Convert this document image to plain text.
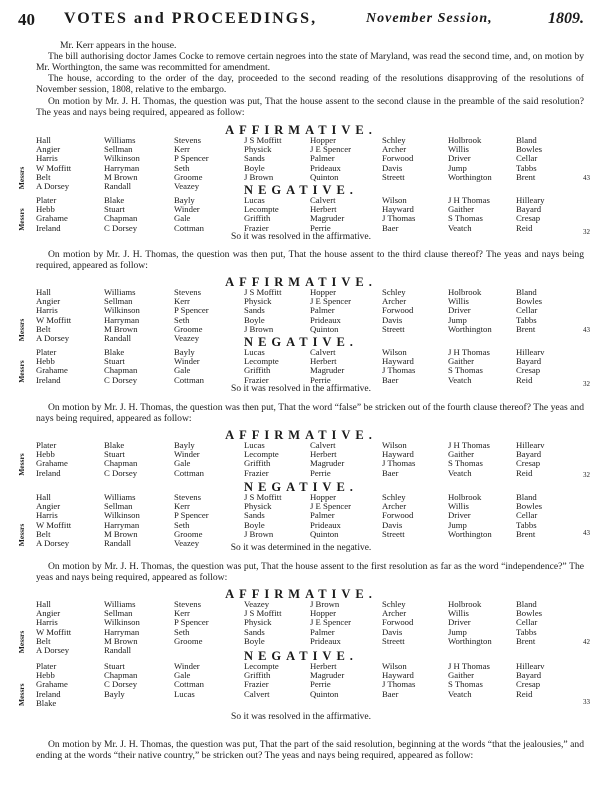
40 VOTES and PROCEEDINGS,	November Session,	1809.
Mr. Kerr appears in the house.
The bill authorising doctor James Cocke to remove certain negroes into the state of Maryland, was read the second time, and, on motion by Mr. Worthington, the same was recommitted for amendment.
The house, according to the order of the day, proceeded to the second reading of the resolutions disapproving of the resolutions of November session, 1808, relative to the embargo.
On motion by Mr. J. H. Thomas, the question was put, That the house assent to the second clause in the preamble of the said resolution? The yeas and nays being required, appeared as follow:
AFFIRMATIVE.
NEGATIVE.
Messrs
Hall
Angier
Harris
W Moffitt
Belt
A Dorsey
Williams
Sellman
Wilkinson
Harryman
M Brown
Randall
Stevens
Kerr
P Spencer
Seth
Groome
Veazey
J S Moffitt
Physick
Sands
Boyle
J Brown
Hopper
J E Spencer
Palmer
Prideaux
Quinton
Schley
Archer
Forwood
Davis
Streett
Holbrook
Willis
Driver
Jump
Worthington
Bland
Bowles
Cellar
Tabbs
Brent
Messrs
Plater
Hebb
Grahame
Ireland
Blake
Stuart
Chapman
C Dorsey
Bayly
Winder
Gale
Cottman
Lucas
Lecompte
Griffith
Frazier
Calvert
Herbert
Magruder
Perrie
Wilson
Hayward
J Thomas
Baer
J H Thomas
Gaither
S Thomas
Veatch
Hilleary
Bayard
Cresap
Reid
43
32
So it was resolved in the affirmative.
On motion by Mr. J. H. Thomas, the question was then put, That the house assent to the third clause thereof? The yeas and nays being required, appeared as follow:
AFFIRMATIVE.
NEGATIVE.
Messrs
Hall
Angier
Harris
W Moffitt
Belt
A Dorsey
Williams
Sellman
Wilkinson
Harryman
M Brown
Randall
Stevens
Kerr
P Spencer
Seth
Groome
Veazey
J S Moffitt
Physick
Sands
Boyle
J Brown
Hopper
J E Spencer
Palmer
Prideaux
Quinton
Schley
Archer
Forwood
Davis
Streett
Holbrook
Willis
Driver
Jump
Worthington
Bland
Bowles
Cellar
Tabbs
Brent
Messrs
Plater
Hebb
Grahame
Ireland
Blake
Stuart
Chapman
C Dorsey
Bayly
Winder
Gale
Cottman
Lucas
Lecompte
Griffith
Frazier
Calvert
Herbert
Magruder
Perrie
Wilson
Hayward
J Thomas
Baer
J H Thomas
Gaither
S Thomas
Veatch
Hillearv
Bayard
Cresap
Reid
43
32
So it was resolved in the affirmative.
On motion by Mr. J. H. Thomas, the question was then put, That the word “false” be stricken out of the fourth clause thereof? The yeas and nays being required, appeared as follow:
AFFIRMATIVE.
NEGATIVE.
Messrs
Plater
Hebb
Grahame
Ireland
Blake
Stuart
Chapman
C Dorsey
Bayly
Winder
Gale
Cottman
Lucas
Lecompte
Griffith
Frazier
Calvert
Herbert
Magruder
Perrie
Wilson
Hayward
J Thomas
Baer
J H Thomas
Gaither
S Thomas
Veatch
Hillearv
Bayard
Cresap
Reid
Messrs
Hall
Angier
Harris
W Moffitt
Belt
A Dorsey
Williams
Sellman
Wilkinson
Harryman
M Brown
Randall
Stevens
Kerr
P Spencer
Seth
Groome
Veazey
J S Moffitt
Physick
Sands
Boyle
J Brown
Hopper
J E Spencer
Palmer
Prideaux
Quinton
Schley
Archer
Forwood
Davis
Streett
Holbrook
Willis
Driver
Jump
Worthington
Bland
Bowles
Cellar
Tabbs
Brent
32
43
So it was determined in the negative.
On motion by Mr. J. H. Thomas, the question was put, That the house assent to the first resolution as far as the word “independence?” The yeas and nays being required, appeared as follow:
AFFIRMATIVE.
NEGATIVE.
Messrs
Hall
Angier
Harris
W Moffitt
Belt
A Dorsey
Williams
Sellman
Wilkinson
Harryman
M Brown
Randall
Stevens
Kerr
P Spencer
Seth
Groome
Veazey
J S Moffitt
Physick
Sands
Boyle
J Brown
Hopper
J E Spencer
Palmer
Prideaux
Schley
Archer
Forwood
Davis
Streett
Holbrook
Willis
Driver
Jump
Worthington
Bland
Bowles
Cellar
Tabbs
Brent
Messrs
Plater
Hebb
Grahame
Ireland
Blake
Stuart
Chapman
C Dorsey
Bayly
Winder
Gale
Cottman
Lucas
Lecompte
Griffith
Frazier
Calvert
Herbert
Magruder
Perrie
Quinton
Wilson
Hayward
J Thomas
Baer
J H Thomas
Gaither
S Thomas
Veatch
Hillearv
Bayard
Cresap
Reid
42
33
So it was resolved in the affirmative.
On motion by Mr. J. H. Thomas, the question was put, That the part of the said resolution, beginning at the words “that the jealousies,” and ending at the words “their native country,” be stricken out? The yeas and nays being required, appeared as follow:
